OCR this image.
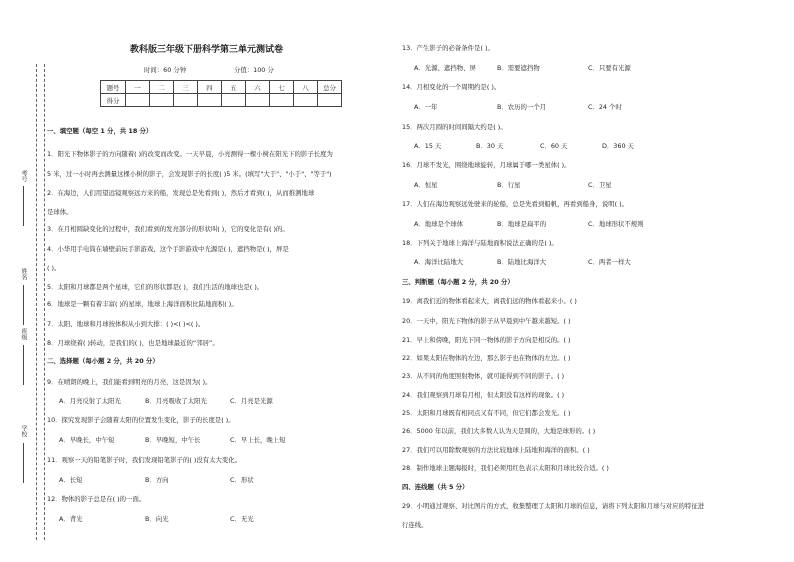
考号
姓名
班级
学校
教科版三年级下册科学第三单元测试卷
时间：60 分钟	分值：100 分
题号	一	二	三	四	五	六	七	八	总分
得分									
一、填空题（每空 1 分，共 18 分）
1．阳光下物体影子的方向随着( )的改变而改变。一天早晨，小亮测得一棵小树在阳光下的影子长度为
5 米，过一小时再去测量这棵小树的影子，会发现影子的长度( )5 米。(填写"大于"、"小于"、"等于")
2．在海边，人们用望远镜观察远方来的船，发现总是先看到( )，然后才看到( )，从而推测地球
是球体。
3．在月相圆缺变化的过程中，我们看到的发亮部分的形状叫( )，它的变化是有( )的。
4．小华用手电筒在墙壁前玩手影游戏，这个手影游戏中光源是( )，遮挡物是( )，屏是
( )。
5．太阳和月球都是两个星球，它们的形状都是( )，我们生活的地球也是( )。
6．地球是一颗有着丰富( )的星球，地球上海洋面积比陆地面积( )。
7．太阳、地球和月球按体积从小到大排：( )<( )<( )。
8．月球绕着( )转动，是我们的( )，也是地球最近的“邻居”。
二、选择题（每小题 2 分，共 20 分）
9．在晴朗的晚上，我们能看到明亮的月亮，这是因为( )。
A．月亮反射了太阳光	B．月亮吸收了太阳光	C．月亮是光源
10．探究发现影子会随着太阳的位置发生变化，影子的长度是( )。
A．早晚长，中午短	B．早晚短，中午长	C．早上长，晚上短
11．观察一天的铅笔影子时，我们发现铅笔影子的( )没有太大变化。
A．长短	B．方向	C．形状
12．物体的影子总是在( )的一面。
A．背光	B．向光	C．无光
13．产生影子的必备条件是( )。
A．光源、遮挡物、屏	B．需要遮挡物	C．只要有光源
14．月相变化的一个周期约是( )。
A．一年	B．农历的一个月	C．24 个时
15．两次月圆的时间间隔大约是( )。
A．15 天	B．30 天	C．60 天	D．360 天
16．月球不发光，围绕地球旋转，月球属于哪一类星体( )。
A．恒星	B．行星	C．卫星
17．人们在海边观察远处驶来的轮船，总是先看到船帆，再看到船身，说明( )。
A．地球是个球体	B．地球是扁平的	C．地球形状不规则
18．下列关于地球上海洋与陆地面积说法正确的是( )。
A．海洋比陆地大	B．陆地比海洋大	C．两者一样大
三、判断题（每小题 2 分，共 20 分）
19．离我们近的物体看起来大，离我们远的物体看起来小。( )
20．一天中，阳光下物体的影子从早晨到中午越来越短。( )
21．早上和傍晚，阳光下同一物体的影子方向是相反的。( )
22．如果太阳在物体的左边，那么影子也在物体的左边。( )
23．从不同的角度照射物体，就可能得到不同的影子。( )
24．我们观察到月球有月相，但太阳没有这样的现象。( )
25．太阳和月球既有相同点又有不同，但它们都会发光。( )
26．5000 年以前，我们大多数人认为天是圆的，大地是球形的。( )
27．我们可以用除数观察的方法比较地球上陆地和海洋的面积。( )
28．制作地球主题海报时，我们必须用红色表示太阳和月球比较合适。( )
四、连线题（共 5 分）
29．小明通过观察、对比图片的方式，收集整理了太阳和月球的信息，请将下列太阳和月球与对应的特征进
行连线。
